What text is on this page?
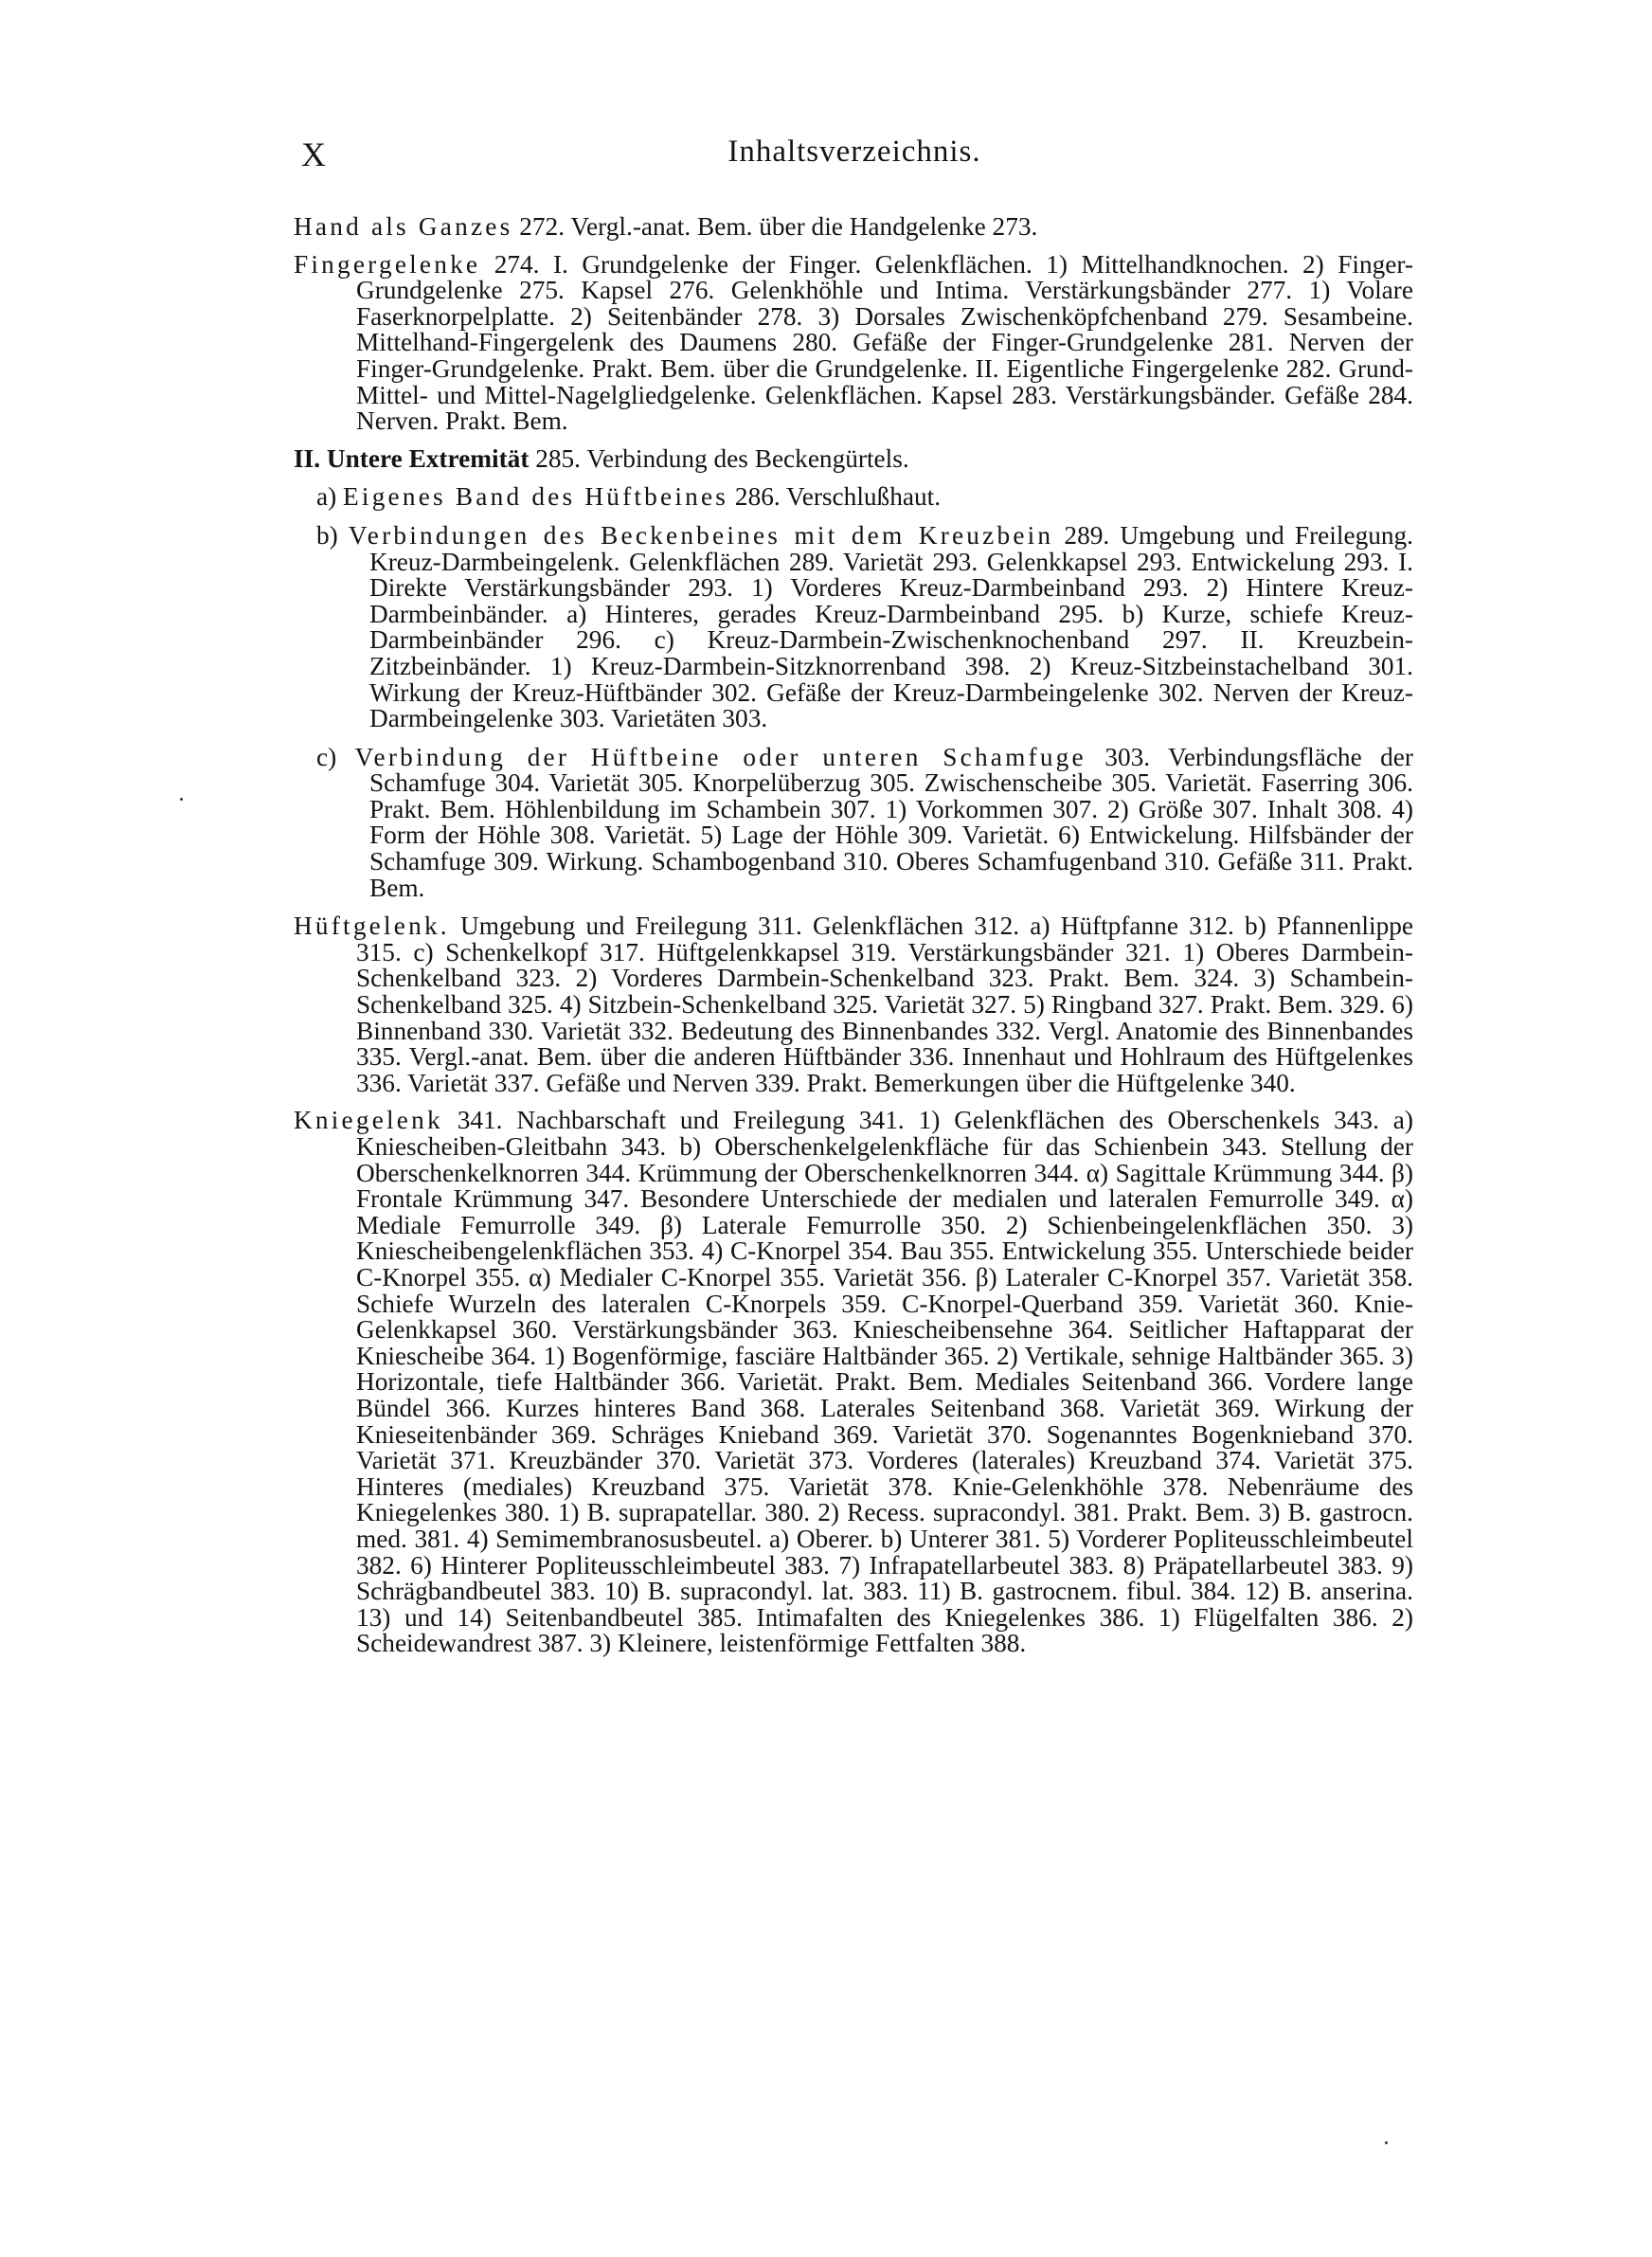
X	Inhaltsverzeichnis.

Hand als Ganzes 272. Vergl.-anat. Bem. über die Handgelenke 273.

Fingergelenke 274. I. Grundgelenke der Finger. Gelenkflächen. 1) Mittelhandknochen. 2) Finger-Grundgelenke 275. Kapsel 276. Gelenkhöhle und Intima. Verstärkungsbänder 277. 1) Volare Faserknorpelplatte. 2) Seitenbänder 278. 3) Dorsales Zwischenköpfchenband 279. Sesambeine. Mittelhand-Fingergelenk des Daumens 280. Gefäße der Finger-Grundgelenke 281. Nerven der Finger-Grundgelenke. Prakt. Bem. über die Grundgelenke. II. Eigentliche Fingergelenke 282. Grund-Mittel- und Mittel-Nagelgliedgelenke. Gelenkflächen. Kapsel 283. Verstärkungsbänder. Gefäße 284. Nerven. Prakt. Bem.

II. Untere Extremität 285. Verbindung des Beckengürtels.

a) Eigenes Band des Hüftbeines 286. Verschlußhaut.

b) Verbindungen des Beckenbeines mit dem Kreuzbein 289. Umgebung und Freilegung. Kreuz-Darmbeingelenk. Gelenkflächen 289. Varietät 293. Gelenkkapsel 293. Entwickelung 293. I. Direkte Verstärkungsbänder 293. 1) Vorderes Kreuz-Darmbeinband 293. 2) Hintere Kreuz-Darmbeinbänder. a) Hinteres, gerades Kreuz-Darmbeinband 295. b) Kurze, schiefe Kreuz-Darmbeinbänder 296. c) Kreuz-Darmbein-Zwischenknochenband 297. II. Kreuzbein-Zitzbeinbänder. 1) Kreuz-Darmbein-Sitzknorrenband 398. 2) Kreuz-Sitzbeinstachelband 301. Wirkung der Kreuz-Hüftbänder 302. Gefäße der Kreuz-Darmbeingelenke 302. Nerven der Kreuz-Darmbeingelenke 303. Varietäten 303.

c) Verbindung der Hüftbeine oder unteren Schamfuge 303. Verbindungsfläche der Schamfuge 304. Varietät 305. Knorpelüberzug 305. Zwischenscheibe 305. Varietät. Faserring 306. Prakt. Bem. Höhlenbildung im Schambein 307. 1) Vorkommen 307. 2) Größe 307. Inhalt 308. 4) Form der Höhle 308. Varietät. 5) Lage der Höhle 309. Varietät. 6) Entwickelung. Hilfsbänder der Schamfuge 309. Wirkung. Schambogenband 310. Oberes Schamfugenband 310. Gefäße 311. Prakt. Bem.

Hüftgelenk. Umgebung und Freilegung 311. Gelenkflächen 312. a) Hüftpfanne 312. b) Pfannenlippe 315. c) Schenkelkopf 317. Hüftgelenkkapsel 319. Verstärkungsbänder 321. 1) Oberes Darmbein-Schenkelband 323. 2) Vorderes Darmbein-Schenkelband 323. Prakt. Bem. 324. 3) Schambein-Schenkelband 325. 4) Sitzbein-Schenkelband 325. Varietät 327. 5) Ringband 327. Prakt. Bem. 329. 6) Binnenband 330. Varietät 332. Bedeutung des Binnenbandes 332. Vergl. Anatomie des Binnenbandes 335. Vergl.-anat. Bem. über die anderen Hüftbänder 336. Innenhaut und Hohlraum des Hüftgelenkes 336. Varietät 337. Gefäße und Nerven 339. Prakt. Bemerkungen über die Hüftgelenke 340.

Kniegelenk 341. Nachbarschaft und Freilegung 341. 1) Gelenkflächen des Oberschenkels 343. a) Kniescheiben-Gleitbahn 343. b) Oberschenkelgelenkfläche für das Schienbein 343. Stellung der Oberschenkelknorren 344. Krümmung der Oberschenkelknorren 344. α) Sagittale Krümmung 344. β) Frontale Krümmung 347. Besondere Unterschiede der medialen und lateralen Femurrolle 349. α) Mediale Femurrolle 349. β) Laterale Femurrolle 350. 2) Schienbeingelenkflächen 350. 3) Kniescheibengelenkflächen 353. 4) C-Knorpel 354. Bau 355. Entwickelung 355. Unterschiede beider C-Knorpel 355. α) Medialer C-Knorpel 355. Varietät 356. β) Lateraler C-Knorpel 357. Varietät 358. Schiefe Wurzeln des lateralen C-Knorpels 359. C-Knorpel-Querband 359. Varietät 360. Knie-Gelenkkapsel 360. Verstärkungsbänder 363. Kniescheibensehne 364. Seitlicher Haftapparat der Kniescheibe 364. 1) Bogenförmige, fasciäre Haltbänder 365. 2) Vertikale, sehnige Haltbänder 365. 3) Horizontale, tiefe Haltbänder 366. Varietät. Prakt. Bem. Mediales Seitenband 366. Vordere lange Bündel 366. Kurzes hinteres Band 368. Laterales Seitenband 368. Varietät 369. Wirkung der Knieseitenbänder 369. Schräges Knieband 369. Varietät 370. Sogenanntes Bogenknieband 370. Varietät 371. Kreuzbänder 370. Varietät 373. Vorderes (laterales) Kreuzband 374. Varietät 375. Hinteres (mediales) Kreuzband 375. Varietät 378. Knie-Gelenkhöhle 378. Nebenräume des Kniegelenkes 380. 1) B. suprapatellar. 380. 2) Recess. supracondyl. 381. Prakt. Bem. 3) B. gastrocn. med. 381. 4) Semimembranosusbeutel. a) Oberer. b) Unterer 381. 5) Vorderer Popliteusschleimbeutel 382. 6) Hinterer Popliteusschleimbeutel 383. 7) Infrapatellarbeutel 383. 8) Präpatellarbeutel 383. 9) Schrägbandbeutel 383. 10) B. supracondyl. lat. 383. 11) B. gastrocnem. fibul. 384. 12) B. anserina. 13) und 14) Seitenbandbeutel 385. Intimafalten des Kniegelenkes 386. 1) Flügelfalten 386. 2) Scheidewandrest 387. 3) Kleinere, leistenförmige Fettfalten 388.
